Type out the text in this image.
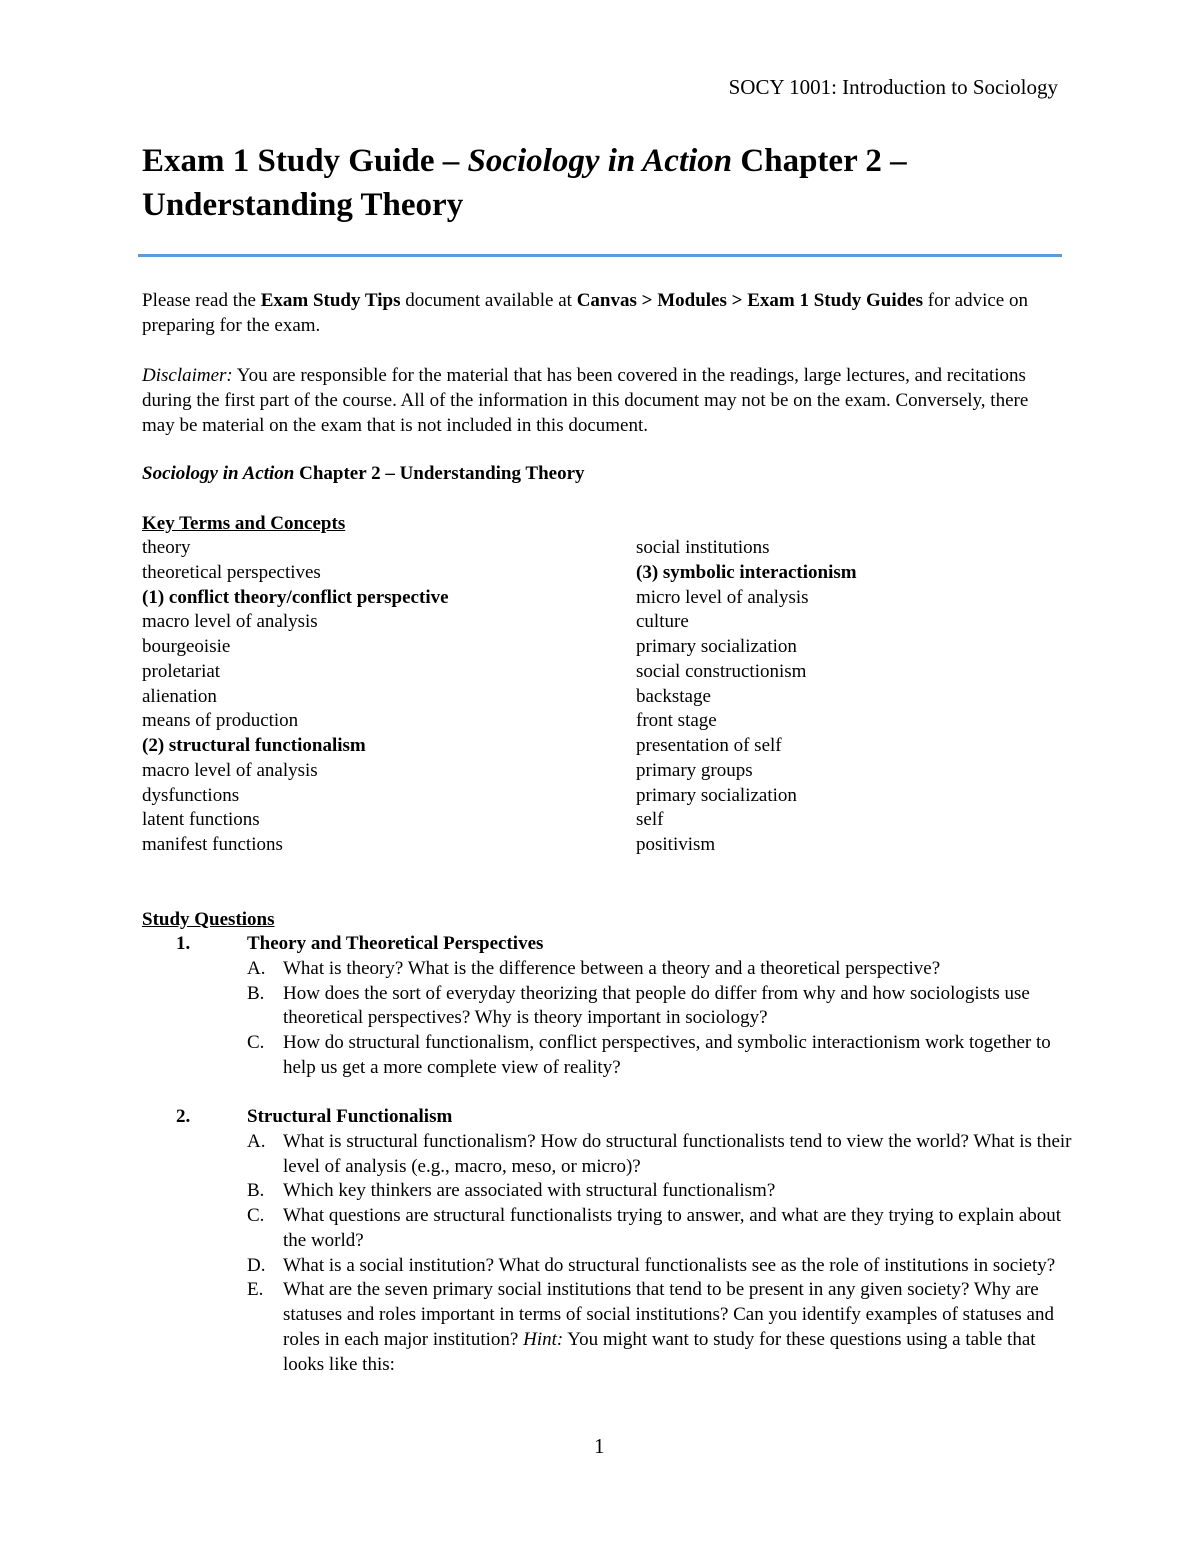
SOCY 1001: Introduction to Sociology
Exam 1 Study Guide – Sociology in Action Chapter 2 – Understanding Theory
Please read the Exam Study Tips document available at Canvas > Modules > Exam 1 Study Guides for advice on preparing for the exam.
Disclaimer: You are responsible for the material that has been covered in the readings, large lectures, and recitations during the first part of the course. All of the information in this document may not be on the exam. Conversely, there may be material on the exam that is not included in this document.
Sociology in Action Chapter 2 – Understanding Theory
Key Terms and Concepts
theory
theoretical perspectives
(1) conflict theory/conflict perspective
macro level of analysis
bourgeoisie
proletariat
alienation
means of production
(2) structural functionalism
macro level of analysis
dysfunctions
latent functions
manifest functions
social institutions
(3) symbolic interactionism
micro level of analysis
culture
primary socialization
social constructionism
backstage
front stage
presentation of self
primary groups
primary socialization
self
positivism
Study Questions
1.	Theory and Theoretical Perspectives
A. What is theory? What is the difference between a theory and a theoretical perspective?
B. How does the sort of everyday theorizing that people do differ from why and how sociologists use theoretical perspectives? Why is theory important in sociology?
C. How do structural functionalism, conflict perspectives, and symbolic interactionism work together to help us get a more complete view of reality?
2.	Structural Functionalism
A. What is structural functionalism? How do structural functionalists tend to view the world? What is their level of analysis (e.g., macro, meso, or micro)?
B. Which key thinkers are associated with structural functionalism?
C. What questions are structural functionalists trying to answer, and what are they trying to explain about the world?
D. What is a social institution? What do structural functionalists see as the role of institutions in society?
E. What are the seven primary social institutions that tend to be present in any given society? Why are statuses and roles important in terms of social institutions? Can you identify examples of statuses and roles in each major institution? Hint: You might want to study for these questions using a table that looks like this:
1
